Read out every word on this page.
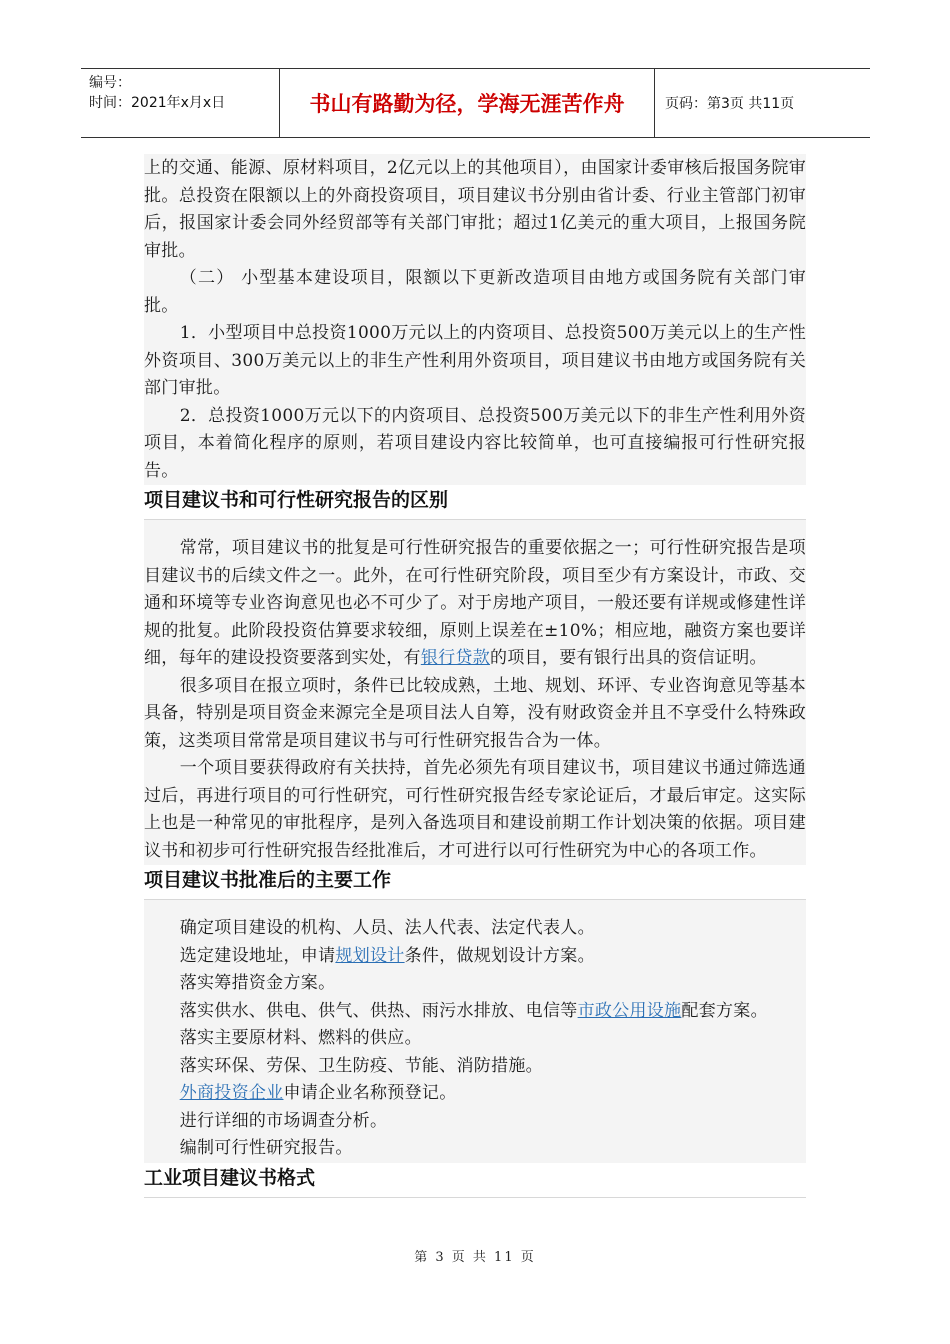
编号：
时间：2021年x月x日	书山有路勤为径，学海无涯苦作舟	页码：第3页 共11页

上的交通、能源、原材料项目，2亿元以上的其他项目），由国家计委审核后报国务院审批。总投资在限额以上的外商投资项目，项目建议书分别由省计委、行业主管部门初审后，报国家计委会同外经贸部等有关部门审批；超过1亿美元的重大项目，上报国务院审批。

（二） 小型基本建设项目，限额以下更新改造项目由地方或国务院有关部门审批。

1．小型项目中总投资1000万元以上的内资项目、总投资500万美元以上的生产性外资项目、300万美元以上的非生产性利用外资项目，项目建议书由地方或国务院有关部门审批。

2．总投资1000万元以下的内资项目、总投资500万美元以下的非生产性利用外资项目，本着简化程序的原则，若项目建设内容比较简单，也可直接编报可行性研究报告。

项目建议书和可行性研究报告的区别

常常，项目建议书的批复是可行性研究报告的重要依据之一；可行性研究报告是项目建议书的后续文件之一。此外，在可行性研究阶段，项目至少有方案设计，市政、交通和环境等专业咨询意见也必不可少了。对于房地产项目，一般还要有详规或修建性详规的批复。此阶段投资估算要求较细，原则上误差在±10%；相应地，融资方案也要详细，每年的建设投资要落到实处，有银行贷款的项目，要有银行出具的资信证明。

很多项目在报立项时，条件已比较成熟，土地、规划、环评、专业咨询意见等基本具备，特别是项目资金来源完全是项目法人自筹，没有财政资金并且不享受什么特殊政策，这类项目常常是项目建议书与可行性研究报告合为一体。

一个项目要获得政府有关扶持，首先必须先有项目建议书，项目建议书通过筛选通过后，再进行项目的可行性研究，可行性研究报告经专家论证后，才最后审定。这实际上也是一种常见的审批程序，是列入备选项目和建设前期工作计划决策的依据。项目建议书和初步可行性研究报告经批准后，才可进行以可行性研究为中心的各项工作。

项目建议书批准后的主要工作

确定项目建设的机构、人员、法人代表、法定代表人。

选定建设地址，申请规划设计条件，做规划设计方案。

落实筹措资金方案。

落实供水、供电、供气、供热、雨污水排放、电信等市政公用设施配套方案。

落实主要原材料、燃料的供应。

落实环保、劳保、卫生防疫、节能、消防措施。

外商投资企业申请企业名称预登记。

进行详细的市场调查分析。

编制可行性研究报告。

工业项目建议书格式
第 3 页 共 11 页
